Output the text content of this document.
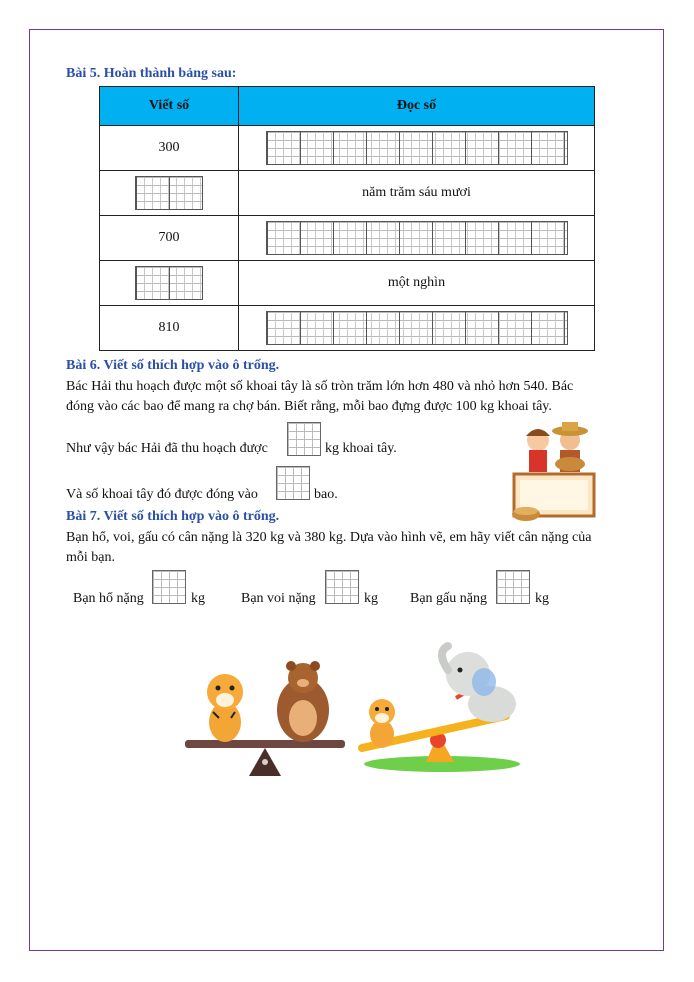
Bài 5. Hoàn thành bảng sau:
Viết số	Đọc số
300	
	năm trăm sáu mươi
700	
	một nghìn
810	
Bài 6. Viết số thích hợp vào ô trống.
Bác Hải thu hoạch được một số khoai tây là số tròn trăm lớn hơn 480 và nhỏ hơn 540. Bác
đóng vào các bao để mang ra chợ bán. Biết rằng, mỗi bao đựng được 100 kg khoai tây.
Như vậy bác Hải đã thu hoạch được	kg khoai tây.
Và số khoai tây đó được đóng vào	bao.
Bài 7. Viết số thích hợp vào ô trống.
Bạn hổ, voi, gấu có cân nặng là 320 kg và 380 kg. Dựa vào hình vẽ, em hãy viết cân nặng của
mỗi bạn.
Bạn hổ nặng	kg	Bạn voi nặng	kg Bạn gấu nặng	kg
